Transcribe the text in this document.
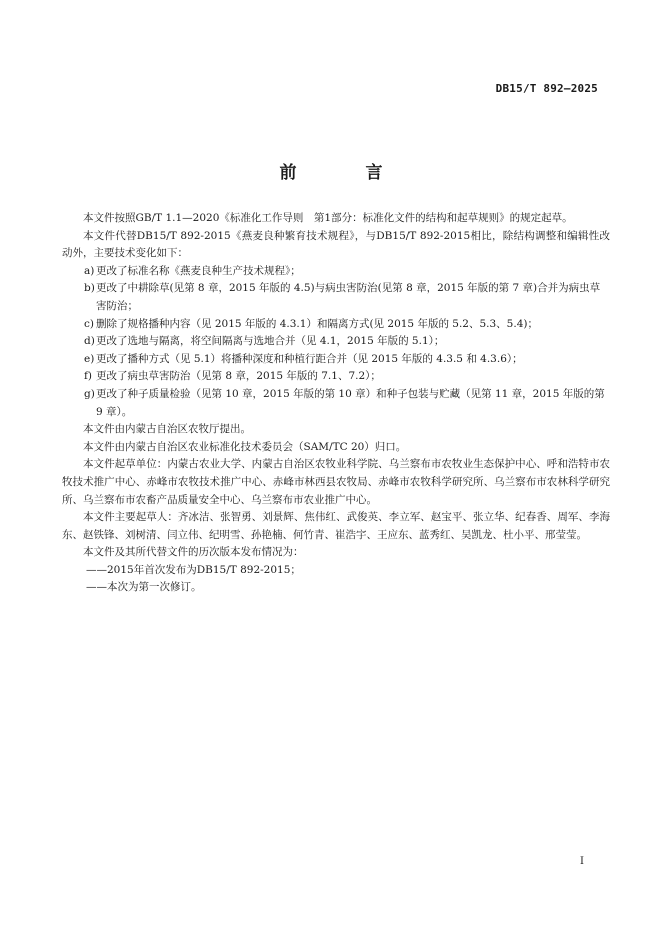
DB15/T 892—2025
前　言

本文件按照GB/T 1.1—2020《标准化工作导则　第1部分：标准化文件的结构和起草规则》的规定起草。

本文件代替DB15/T 892-2015《燕麦良种繁育技术规程》，与DB15/T 892-2015相比，除结构调整和编辑性改动外，主要技术变化如下：

a) 更改了标准名称《燕麦良种生产技术规程》；

b) 更改了中耕除草(见第 8 章，2015 年版的 4.5)与病虫害防治(见第 8 章，2015 年版的第 7 章)合并为病虫草害防治；

c) 删除了规格播种内容（见 2015 年版的 4.3.1）和隔离方式(见 2015 年版的 5.2、5.3、5.4)；

d) 更改了选地与隔离，将空间隔离与选地合并（见 4.1，2015 年版的 5.1）；

e) 更改了播种方式（见 5.1）将播种深度和种植行距合并（见 2015 年版的 4.3.5 和 4.3.6）；

f) 更改了病虫草害防治（见第 8 章，2015 年版的 7.1、7.2）；

g) 更改了种子质量检验（见第 10 章，2015 年版的第 10 章）和种子包装与贮藏（见第 11 章，2015 年版的第 9 章）。

本文件由内蒙古自治区农牧厅提出。

本文件由内蒙古自治区农业标准化技术委员会（SAM/TC 20）归口。

本文件起草单位：内蒙古农业大学、内蒙古自治区农牧业科学院、乌兰察布市农牧业生态保护中心、呼和浩特市农牧技术推广中心、赤峰市农牧技术推广中心、赤峰市林西县农牧局、赤峰市农牧科学研究所、乌兰察布市农林科学研究所、乌兰察布市农畜产品质量安全中心、乌兰察布市农业推广中心。

本文件主要起草人：齐冰洁、张智勇、刘景辉、焦伟红、武俊英、李立军、赵宝平、张立华、纪春香、周军、李海东、赵铁锋、刘树清、闫立伟、纪明雪、孙艳楠、何竹青、崔浩宇、王应东、蓝秀红、吴凯龙、杜小平、邢莹莹。

本文件及其所代替文件的历次版本发布情况为：

——2015年首次发布为DB15/T 892-2015；

——本次为第一次修订。

I
